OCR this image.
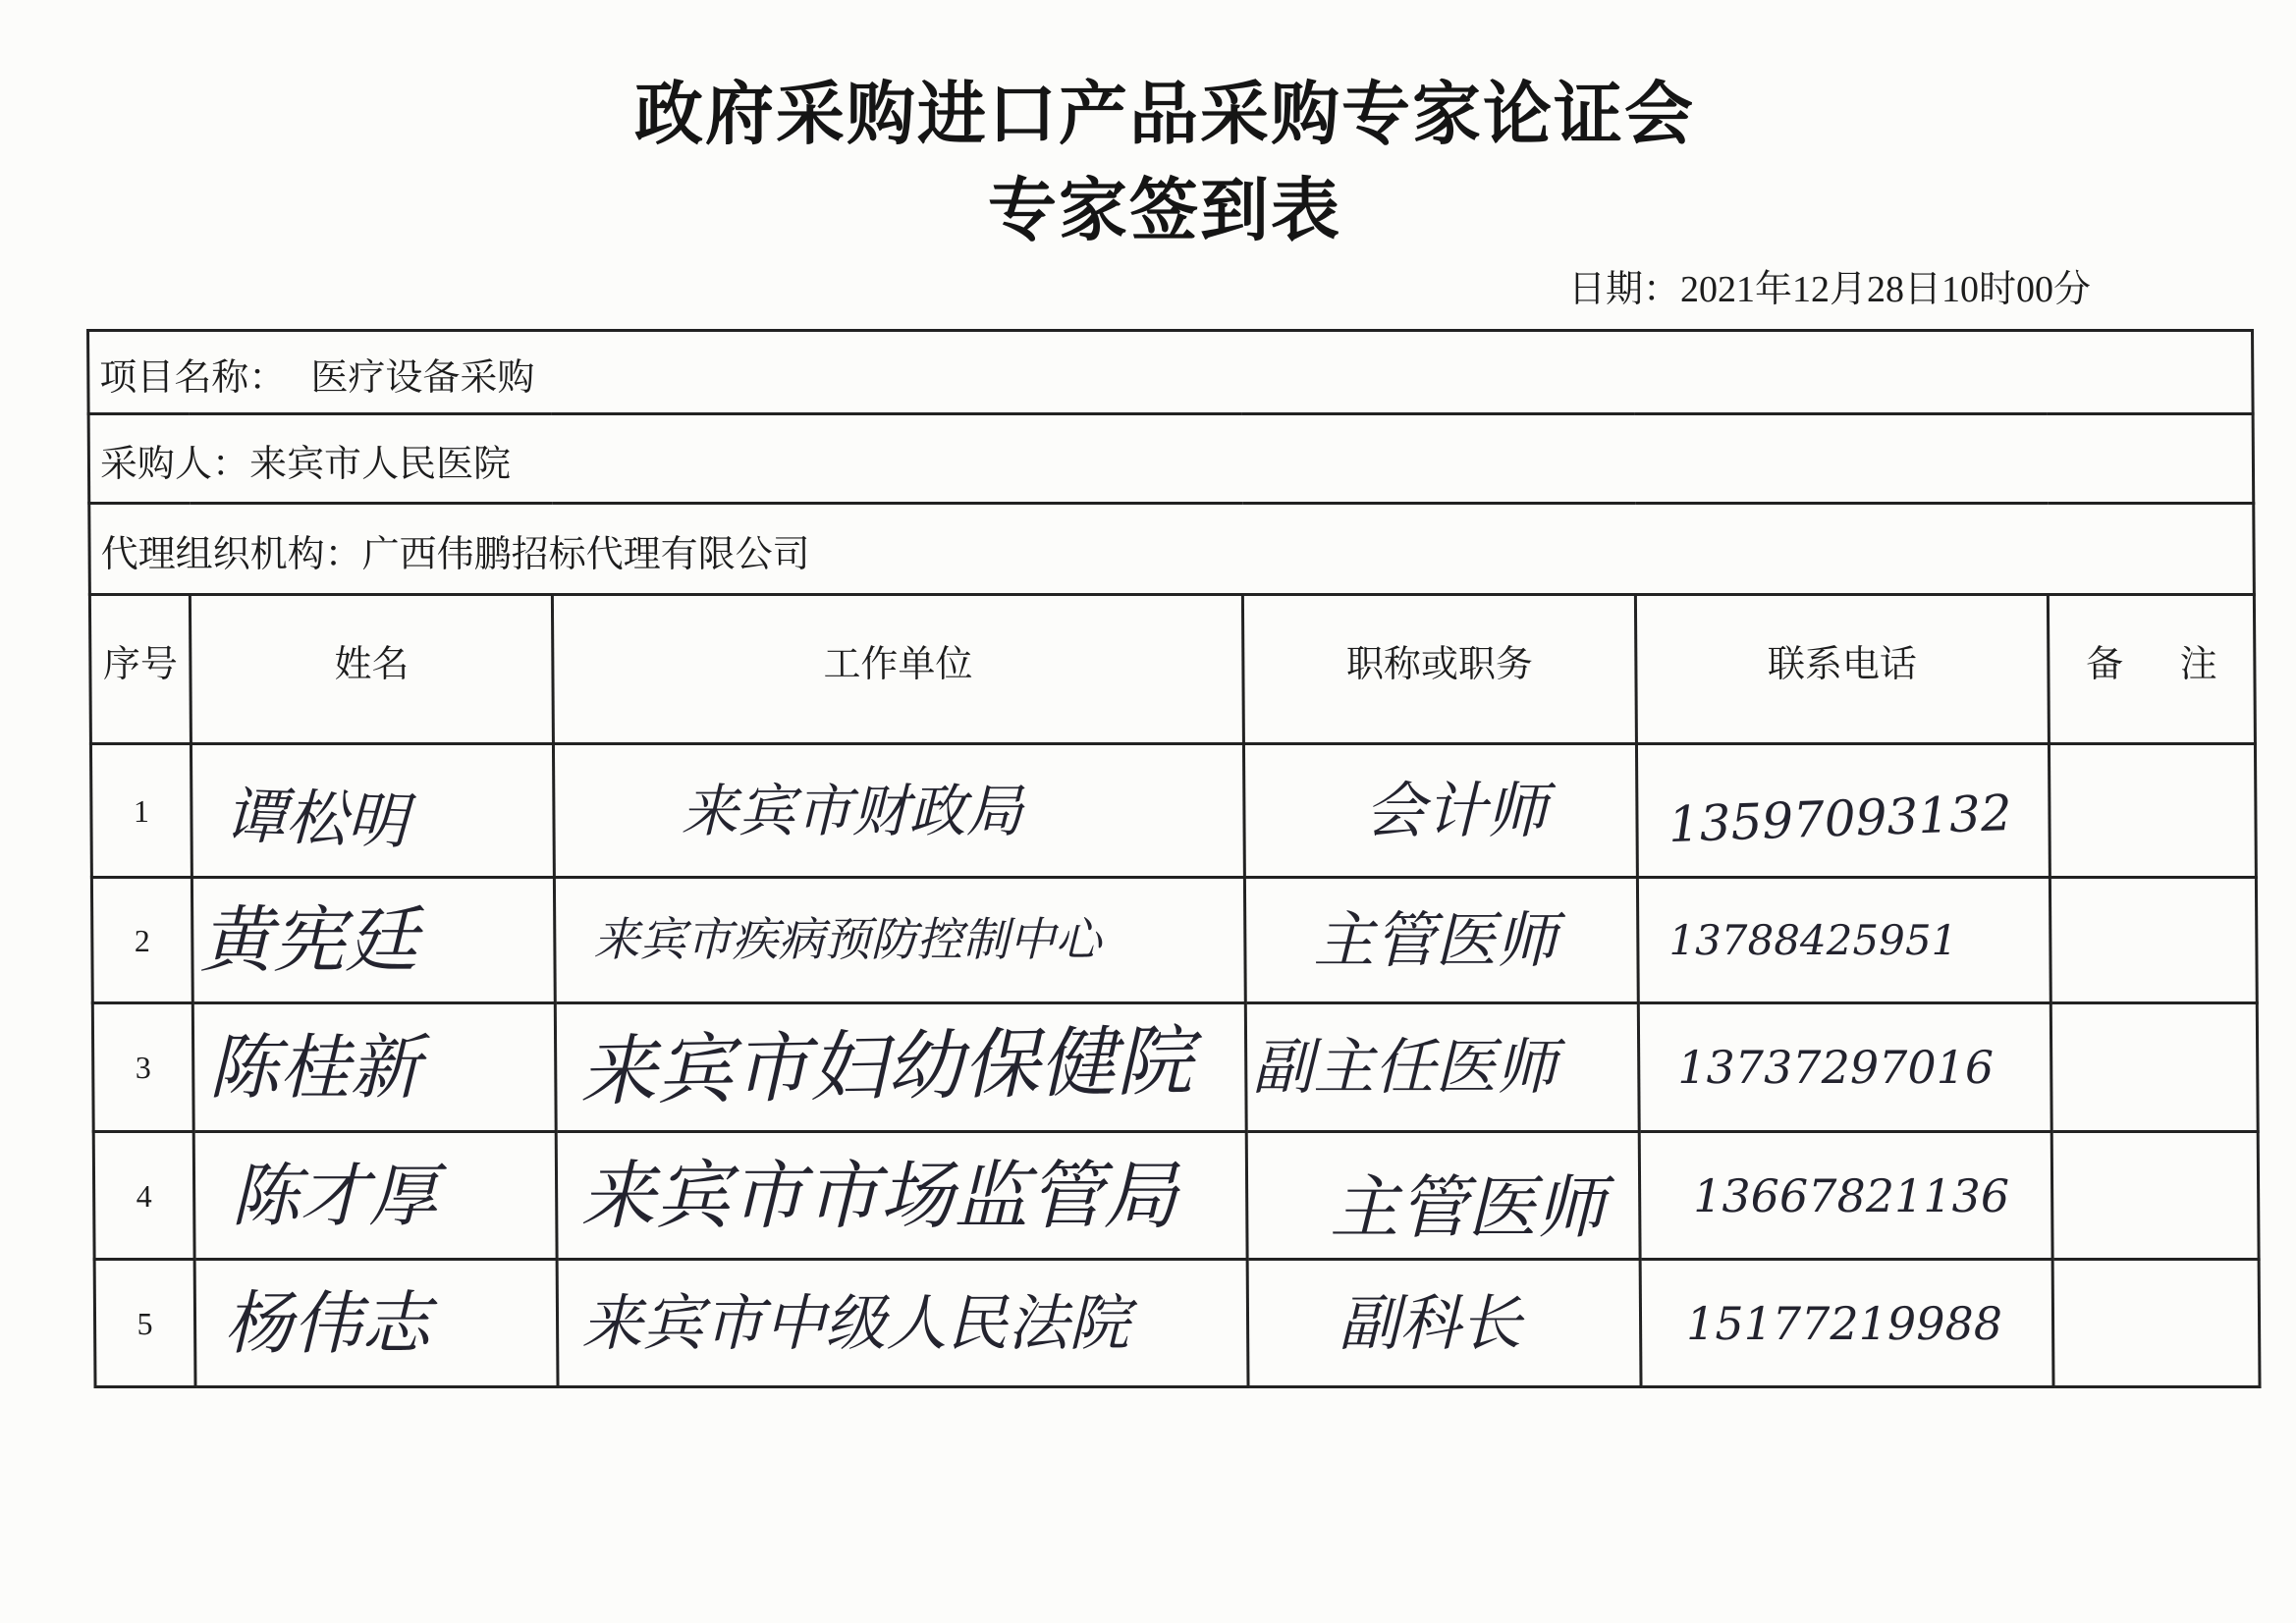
政府采购进口产品采购专家论证会
专家签到表
日期：2021年12月28日10时00分
项目名称： 医疗设备采购					
采购人：来宾市人民医院					
代理组织机构：广西伟鹏招标代理有限公司					
序号	姓名	工作单位	职称或职务	联系电话	备 注
1	谭松明	来宾市财政局	会计师	13597093132	
2	黄宪廷	来宾市疾病预防控制中心	主管医师	13788425951	
3	陈桂新	来宾市妇幼保健院	副主任医师	13737297016	
4	陈才厚	来宾市市场监管局	主管医师	13667821136	
5	杨伟志	来宾市中级人民法院	副科长	15177219988	
